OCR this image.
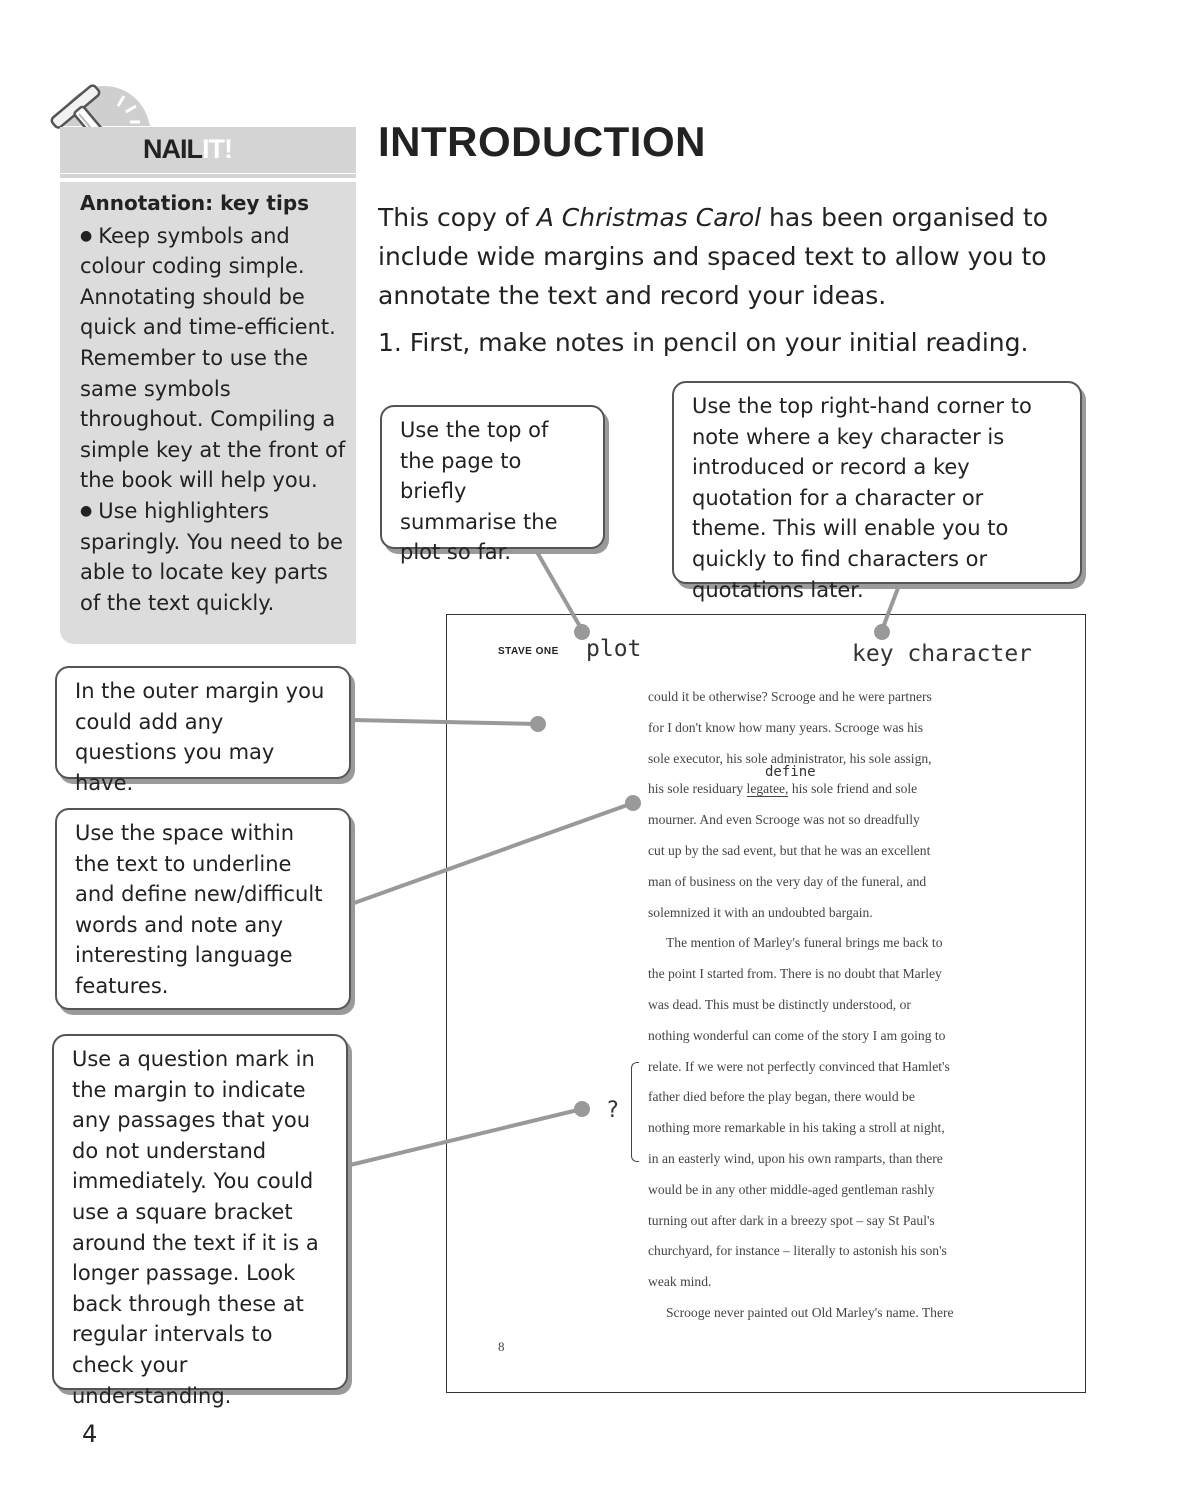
NAILIT!
Annotation: key tips

● Keep symbols and colour coding simple. Annotating should be quick and time-efficient. Remember to use the same symbols throughout. Compiling a simple key at the front of the book will help you.

● Use highlighters sparingly. You need to be able to locate key parts of the text quickly.

INTRODUCTION
This copy of A Christmas Carol has been organised to include wide margins and spaced text to allow you to annotate the text and record your ideas.
1. First, make notes in pencil on your initial reading.
Use the top of the page to briefly summarise the plot so far.
Use the top right-hand corner to note where a key character is introduced or record a key quotation for a character or theme. This will enable you to quickly to find characters or quotations later.
In the outer margin you could add any questions you may have.
Use the space within the text to underline and define new/difficult words and note any interesting language features.
Use a question mark in the margin to indicate any passages that you do not understand immediately. You could use a square bracket around the text if it is a longer passage. Look back through these at regular intervals to check your understanding.
STAVE ONE plot	key character
define
?
could it be otherwise? Scrooge and he were partners
for I don't know how many years. Scrooge was his
sole executor, his sole administrator, his sole assign,
his sole residuary legatee, his sole friend and sole
mourner. And even Scrooge was not so dreadfully
cut up by the sad event, but that he was an excellent
man of business on the very day of the funeral, and
solemnized it with an undoubted bargain.
The mention of Marley's funeral brings me back to
the point I started from. There is no doubt that Marley
was dead. This must be distinctly understood, or
nothing wonderful can come of the story I am going to
relate. If we were not perfectly convinced that Hamlet's
father died before the play began, there would be
nothing more remarkable in his taking a stroll at night,
in an easterly wind, upon his own ramparts, than there
would be in any other middle-aged gentleman rashly
turning out after dark in a breezy spot – say St Paul's
churchyard, for instance – literally to astonish his son's
weak mind.
Scrooge never painted out Old Marley's name. There
8
4
